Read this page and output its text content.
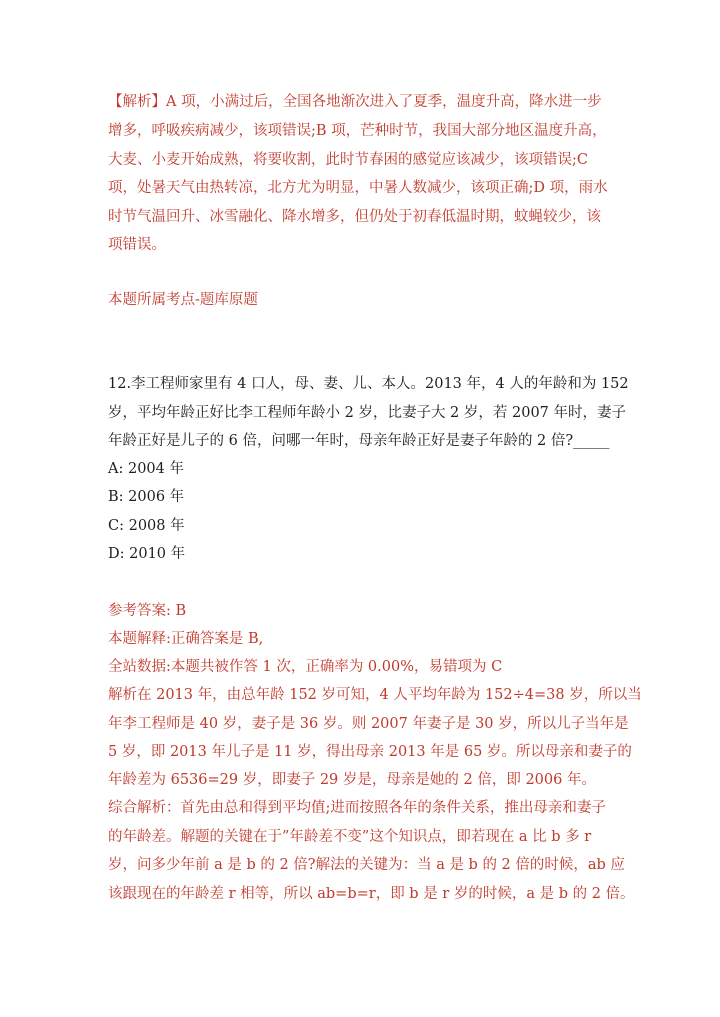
【解析】A 项，小满过后，全国各地渐次进入了夏季，温度升高，降水进一步
增多，呼吸疾病减少，该项错误;B 项，芒种时节，我国大部分地区温度升高，
大麦、小麦开始成熟，将要收割，此时节春困的感觉应该减少，该项错误;C
项，处暑天气由热转凉，北方尤为明显，中暑人数减少，该项正确;D 项，雨水
时节气温回升、冰雪融化、降水增多，但仍处于初春低温时期，蚊蝇较少，该
项错误。
本题所属考点-题库原题
12.李工程师家里有 4 口人，母、妻、儿、本人。2013 年，4 人的年龄和为 152
岁，平均年龄正好比李工程师年龄小 2 岁，比妻子大 2 岁，若 2007 年时，妻子
年龄正好是儿子的 6 倍，问哪一年时，母亲年龄正好是妻子年龄的 2 倍?_____
A: 2004 年
B: 2006 年
C: 2008 年
D: 2010 年
参考答案: B
本题解释:正确答案是 B,
全站数据:本题共被作答 1 次，正确率为 0.00%，易错项为 C
解析在 2013 年，由总年龄 152 岁可知，4 人平均年龄为 152÷4=38 岁，所以当
年李工程师是 40 岁，妻子是 36 岁。则 2007 年妻子是 30 岁，所以儿子当年是
5 岁，即 2013 年儿子是 11 岁，得出母亲 2013 年是 65 岁。所以母亲和妻子的
年龄差为 6536=29 岁，即妻子 29 岁是，母亲是她的 2 倍，即 2006 年。
综合解析：首先由总和得到平均值;进而按照各年的条件关系，推出母亲和妻子
的年龄差。解题的关键在于”年龄差不变”这个知识点，即若现在 a 比 b 多 r
岁，问多少年前 a 是 b 的 2 倍?解法的关键为：当 a 是 b 的 2 倍的时候，ab 应
该跟现在的年龄差 r 相等，所以 ab=b=r，即 b 是 r 岁的时候，a 是 b 的 2 倍。
